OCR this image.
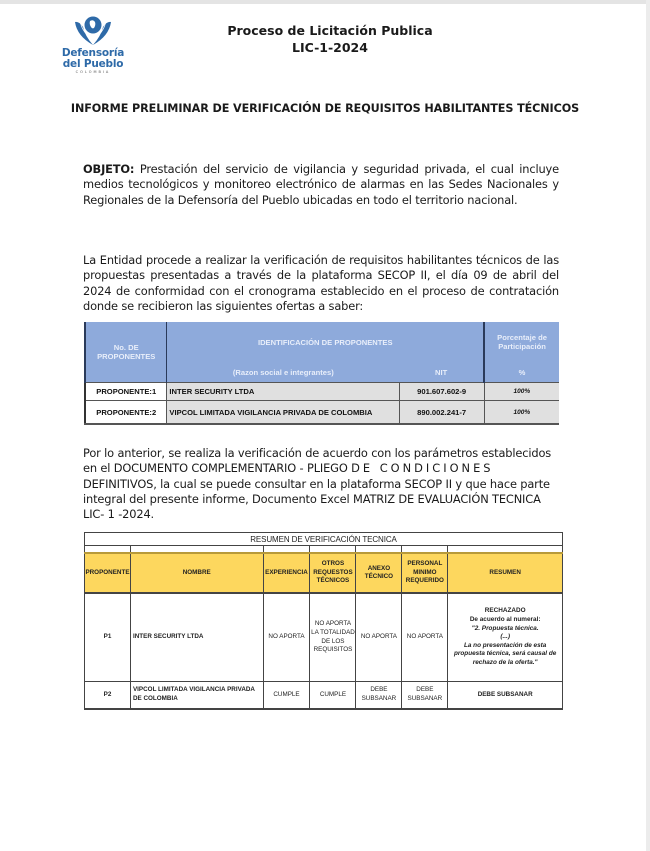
Defensoría
del Pueblo
COLOMBIA
Proceso de Licitación Publica
LIC-1-2024
INFORME PRELIMINAR DE VERIFICACIÓN DE REQUISITOS HABILITANTES TÉCNICOS
OBJETO: Prestación del servicio de vigilancia y seguridad privada, el cual incluye medios tecnológicos y monitoreo electrónico de alarmas en las Sedes Nacionales y Regionales de la Defensoría del Pueblo ubicadas en todo el territorio nacional.
La Entidad procede a realizar la verificación de requisitos habilitantes técnicos de las propuestas presentadas a través de la plataforma SECOP II, el día 09 de abril del 2024 de conformidad con el cronograma establecido en el proceso de contratación donde se recibieron las siguientes ofertas a saber:
No. DE PROPONENTES	IDENTIFICACIÓN DE PROPONENTES		Porcentaje de Participación
	(Razon social e integrantes)	NIT	%
PROPONENTE:1	INTER SECURITY LTDA	901.607.602-9	100%
PROPONENTE:2	VIPCOL LIMITADA VIGILANCIA PRIVADA DE COLOMBIA	890.002.241-7	100%
Por lo anterior, se realiza la verificación de acuerdo con los parámetros establecidos en el DOCUMENTO COMPLEMENTARIO - PLIEGO DE CONDICIONES DEFINITIVOS, la cual se puede consultar en la plataforma SECOP II y que hace parte integral del presente informe, Documento Excel MATRIZ DE EVALUACIÓN TECNICA LIC- 1 -2024.
RESUMEN DE VERIFICACIÓN TECNICA						

PROPONENTE	NOMBRE	EXPERIENCIA	OTROS REQUESTOS TÉCNICOS	ANEXO TÉCNICO	PERSONAL MINIMO REQUERIDO	RESUMEN
P1	INTER SECURITY LTDA	NO APORTA	NO APORTA LA TOTALIDAD DE LOS REQUISITOS	NO APORTA	NO APORTA	RECHAZADO
De acuerdo al numeral:
"2. Propuesta técnica.
(...)
La no presentación de esta propuesta técnica, será causal de rechazo de la oferta."

P2	VIPCOL LIMITADA VIGILANCIA PRIVADA DE COLOMBIA	CUMPLE	CUMPLE	DEBE SUBSANAR	DEBE SUBSANAR	DEBE SUBSANAR
